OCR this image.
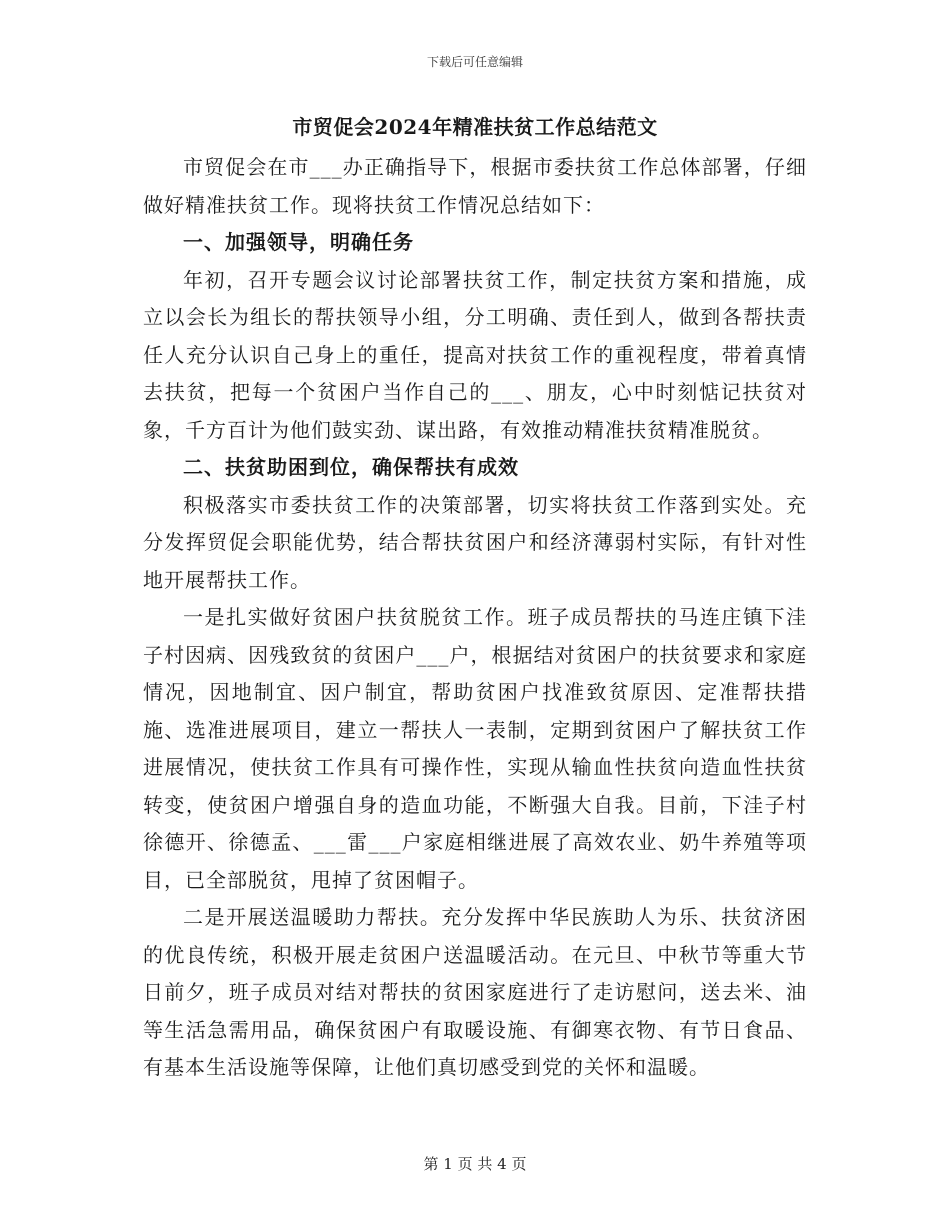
下载后可任意编辑
市贸促会2024年精准扶贫工作总结范文

市贸促会在市___办正确指导下，根据市委扶贫工作总体部署，仔细做好精准扶贫工作。现将扶贫工作情况总结如下：

一、加强领导，明确任务

年初，召开专题会议讨论部署扶贫工作，制定扶贫方案和措施，成立以会长为组长的帮扶领导小组，分工明确、责任到人，做到各帮扶责任人充分认识自己身上的重任，提高对扶贫工作的重视程度，带着真情去扶贫，把每一个贫困户当作自己的___、朋友，心中时刻惦记扶贫对象，千方百计为他们鼓实劲、谋出路，有效推动精准扶贫精准脱贫。

二、扶贫助困到位，确保帮扶有成效

积极落实市委扶贫工作的决策部署，切实将扶贫工作落到实处。充分发挥贸促会职能优势，结合帮扶贫困户和经济薄弱村实际，有针对性地开展帮扶工作。

一是扎实做好贫困户扶贫脱贫工作。班子成员帮扶的马连庄镇下洼子村因病、因残致贫的贫困户___户，根据结对贫困户的扶贫要求和家庭情况，因地制宜、因户制宜，帮助贫困户找准致贫原因、定准帮扶措施、选准进展项目，建立一帮扶人一表制，定期到贫困户了解扶贫工作进展情况，使扶贫工作具有可操作性，实现从输血性扶贫向造血性扶贫转变，使贫困户增强自身的造血功能，不断强大自我。目前，下洼子村徐德开、徐德孟、___雷___户家庭相继进展了高效农业、奶牛养殖等项目，已全部脱贫，甩掉了贫困帽子。

二是开展送温暖助力帮扶。充分发挥中华民族助人为乐、扶贫济困的优良传统，积极开展走贫困户送温暖活动。在元旦、中秋节等重大节日前夕，班子成员对结对帮扶的贫困家庭进行了走访慰问，送去米、油等生活急需用品，确保贫困户有取暖设施、有御寒衣物、有节日食品、有基本生活设施等保障，让他们真切感受到党的关怀和温暖。

第 1 页 共 4 页
